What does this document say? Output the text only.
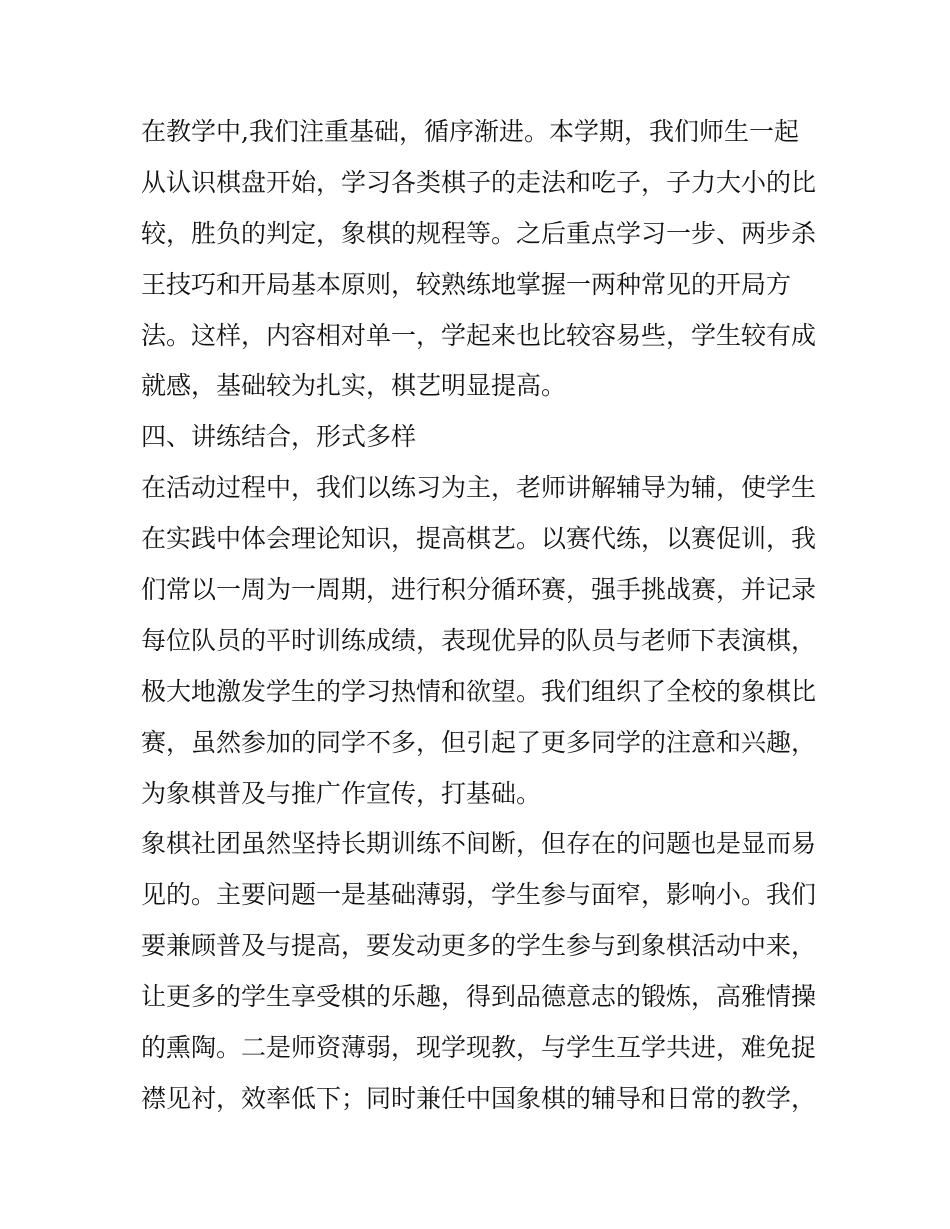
在教学中,我们注重基础，循序渐进。本学期，我们师生一起
从认识棋盘开始，学习各类棋子的走法和吃子，子力大小的比
较，胜负的判定，象棋的规程等。之后重点学习一步、两步杀
王技巧和开局基本原则，较熟练地掌握一两种常见的开局方
法。这样，内容相对单一，学起来也比较容易些，学生较有成
就感，基础较为扎实，棋艺明显提高。
四、讲练结合，形式多样
在活动过程中，我们以练习为主，老师讲解辅导为辅，使学生
在实践中体会理论知识，提高棋艺。以赛代练，以赛促训，我
们常以一周为一周期，进行积分循环赛，强手挑战赛，并记录
每位队员的平时训练成绩，表现优异的队员与老师下表演棋，
极大地激发学生的学习热情和欲望。我们组织了全校的象棋比
赛，虽然参加的同学不多，但引起了更多同学的注意和兴趣，
为象棋普及与推广作宣传，打基础。
象棋社团虽然坚持长期训练不间断，但存在的问题也是显而易
见的。主要问题一是基础薄弱，学生参与面窄，影响小。我们
要兼顾普及与提高，要发动更多的学生参与到象棋活动中来，
让更多的学生享受棋的乐趣，得到品德意志的锻炼，高雅情操
的熏陶。二是师资薄弱，现学现教，与学生互学共进，难免捉
襟见衬，效率低下；同时兼任中国象棋的辅导和日常的教学，
